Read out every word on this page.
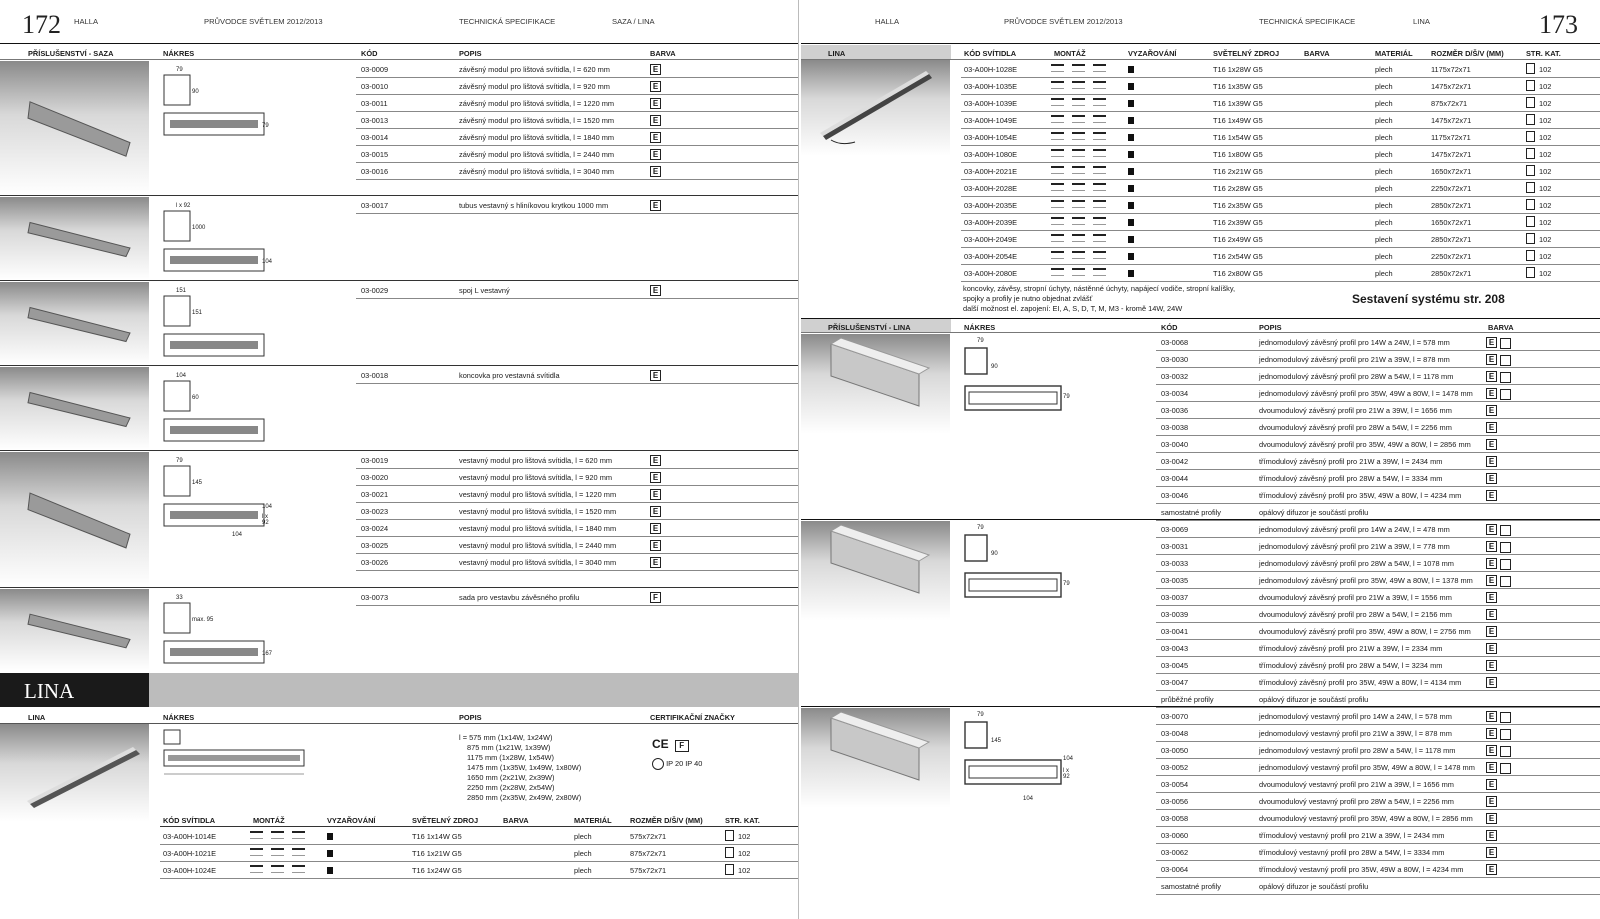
172 HALLA	PRŮVODCE SVĚTLEM 2012/2013	TECHNICKÁ SPECIFIKACE	SAZA / LINA
PŘÍSLUŠENSTVÍ - SAZA	NÁKRES	KÓD	POPIS	BARVA
79
90
79
03-0009	závěsný modul pro lištová svítidla, l = 620 mm	E
03-0010	závěsný modul pro lištová svítidla, l = 920 mm	E
03-0011	závěsný modul pro lištová svítidla, l = 1220 mm	E
03-0013	závěsný modul pro lištová svítidla, l = 1520 mm	E
03-0014	závěsný modul pro lištová svítidla, l = 1840 mm	E
03-0015	závěsný modul pro lištová svítidla, l = 2440 mm	E
03-0016	závěsný modul pro lištová svítidla, l = 3040 mm	E
l x 92
1000
104
03-0017	tubus vestavný s hliníkovou krytkou 1000 mm	E
151
151
03-0029	spoj L vestavný	E
104
60
03-0018	koncovka pro vestavná svítidla	E
79
145
l x 92
104
104
03-0019	vestavný modul pro lištová svítidla, l = 620 mm	E
03-0020	vestavný modul pro lištová svítidla, l = 920 mm	E
03-0021	vestavný modul pro lištová svítidla, l = 1220 mm	E
03-0023	vestavný modul pro lištová svítidla, l = 1520 mm	E
03-0024	vestavný modul pro lištová svítidla, l = 1840 mm	E
03-0025	vestavný modul pro lištová svítidla, l = 2440 mm	E
03-0026	vestavný modul pro lištová svítidla, l = 3040 mm	E
33
max. 95
167
03-0073	sada pro vestavbu závěsného profilu	F
LINA
LINA	NÁKRES	POPIS	CERTIFIKAČNÍ ZNAČKY
l = 575 mm (1x14W, 1x24W)
875 mm (1x21W, 1x39W)
1175 mm (1x28W, 1x54W)
1475 mm (1x35W, 1x49W, 1x80W)
1650 mm (2x21W, 2x39W)
2250 mm (2x28W, 2x54W)
2850 mm (2x35W, 2x49W, 2x80W)
CE F
IP 20 IP 40
KÓD SVÍTIDLA	MONTÁŽ	VYZAŘOVÁNÍ	SVĚTELNÝ ZDROJ	BARVA	MATERIÁL ROZMĚR D/Š/V (MM)	STR. KAT.
03-A00H-1014E	T16 1x14W G5	plech	575x72x71	102
03-A00H-1021E	T16 1x21W G5	plech	875x72x71	102
03-A00H-1024E	T16 1x24W G5	plech	575x72x71	102
HALLA	PRŮVODCE SVĚTLEM 2012/2013	TECHNICKÁ SPECIFIKACE	LINA	173
LINA	KÓD SVÍTIDLA	MONTÁŽ	VYZAŘOVÁNÍ	SVĚTELNÝ ZDROJ	BARVA	MATERIÁL ROZMĚR D/Š/V (MM)	STR. KAT.
03-A00H-1028E	T16 1x28W G5	plech	1175x72x71	102
03-A00H-1035E	T16 1x35W G5	plech	1475x72x71	102
03-A00H-1039E	T16 1x39W G5	plech	875x72x71	102
03-A00H-1049E	T16 1x49W G5	plech	1475x72x71	102
03-A00H-1054E	T16 1x54W G5	plech	1175x72x71	102
03-A00H-1080E	T16 1x80W G5	plech	1475x72x71	102
03-A00H-2021E	T16 2x21W G5	plech	1650x72x71	102
03-A00H-2028E	T16 2x28W G5	plech	2250x72x71	102
03-A00H-2035E	T16 2x35W G5	plech	2850x72x71	102
03-A00H-2039E	T16 2x39W G5	plech	1650x72x71	102
03-A00H-2049E	T16 2x49W G5	plech	2850x72x71	102
03-A00H-2054E	T16 2x54W G5	plech	2250x72x71	102
03-A00H-2080E	T16 2x80W G5	plech	2850x72x71	102
koncovky, závěsy, stropní úchyty, nástěnné úchyty, napájecí vodiče, stropní kalíšky,
spojky a profily je nutno objednat zvlášť
další možnost el. zapojení: EI, A, S, D, T, M, M3 - kromě 14W, 24W
Sestavení systému str. 208
PŘÍSLUŠENSTVÍ - LINA	NÁKRES	KÓD	POPIS	BARVA
79
90
79
03-0068	jednomodulový závěsný profil pro 14W a 24W, l = 578 mm	E
03-0030	jednomodulový závěsný profil pro 21W a 39W, l = 878 mm	E
03-0032	jednomodulový závěsný profil pro 28W a 54W, l = 1178 mm	E
03-0034	jednomodulový závěsný profil pro 35W, 49W a 80W, l = 1478 mm	E
03-0036	dvoumodulový závěsný profil pro 21W a 39W, l = 1656 mm	E
03-0038	dvoumodulový závěsný profil pro 28W a 54W, l = 2256 mm	E
03-0040	dvoumodulový závěsný profil pro 35W, 49W a 80W, l = 2856 mm	E
03-0042	třímodulový závěsný profil pro 21W a 39W, l = 2434 mm	E
03-0044	třímodulový závěsný profil pro 28W a 54W, l = 3334 mm	E
03-0046	třímodulový závěsný profil pro 35W, 49W a 80W, l = 4234 mm	E
samostatné profily	opálový difuzor je součástí profilu
79
90
79
03-0069	jednomodulový závěsný profil pro 14W a 24W, l = 478 mm	E
03-0031	jednomodulový závěsný profil pro 21W a 39W, l = 778 mm	E
03-0033	jednomodulový závěsný profil pro 28W a 54W, l = 1078 mm	E
03-0035	jednomodulový závěsný profil pro 35W, 49W a 80W, l = 1378 mm	E
03-0037	dvoumodulový závěsný profil pro 21W a 39W, l = 1556 mm	E
03-0039	dvoumodulový závěsný profil pro 28W a 54W, l = 2156 mm	E
03-0041	dvoumodulový závěsný profil pro 35W, 49W a 80W, l = 2756 mm	E
03-0043	třímodulový závěsný profil pro 21W a 39W, l = 2334 mm	E
03-0045	třímodulový závěsný profil pro 28W a 54W, l = 3234 mm	E
03-0047	třímodulový závěsný profil pro 35W, 49W a 80W, l = 4134 mm	E
průběžné profily	opálový difuzor je součástí profilu
79
145
l x 92
104
104
03-0070	jednomodulový vestavný profil pro 14W a 24W, l = 578 mm	E
03-0048	jednomodulový vestavný profil pro 21W a 39W, l = 878 mm	E
03-0050	jednomodulový vestavný profil pro 28W a 54W, l = 1178 mm	E
03-0052	jednomodulový vestavný profil pro 35W, 49W a 80W, l = 1478 mm	E
03-0054	dvoumodulový vestavný profil pro 21W a 39W, l = 1656 mm	E
03-0056	dvoumodulový vestavný profil pro 28W a 54W, l = 2256 mm	E
03-0058	dvoumodulový vestavný profil pro 35W, 49W a 80W, l = 2856 mm	E
03-0060	třímodulový vestavný profil pro 21W a 39W, l = 2434 mm	E
03-0062	třímodulový vestavný profil pro 28W a 54W, l = 3334 mm	E
03-0064	třímodulový vestavný profil pro 35W, 49W a 80W, l = 4234 mm	E
samostatné profily	opálový difuzor je součástí profilu
